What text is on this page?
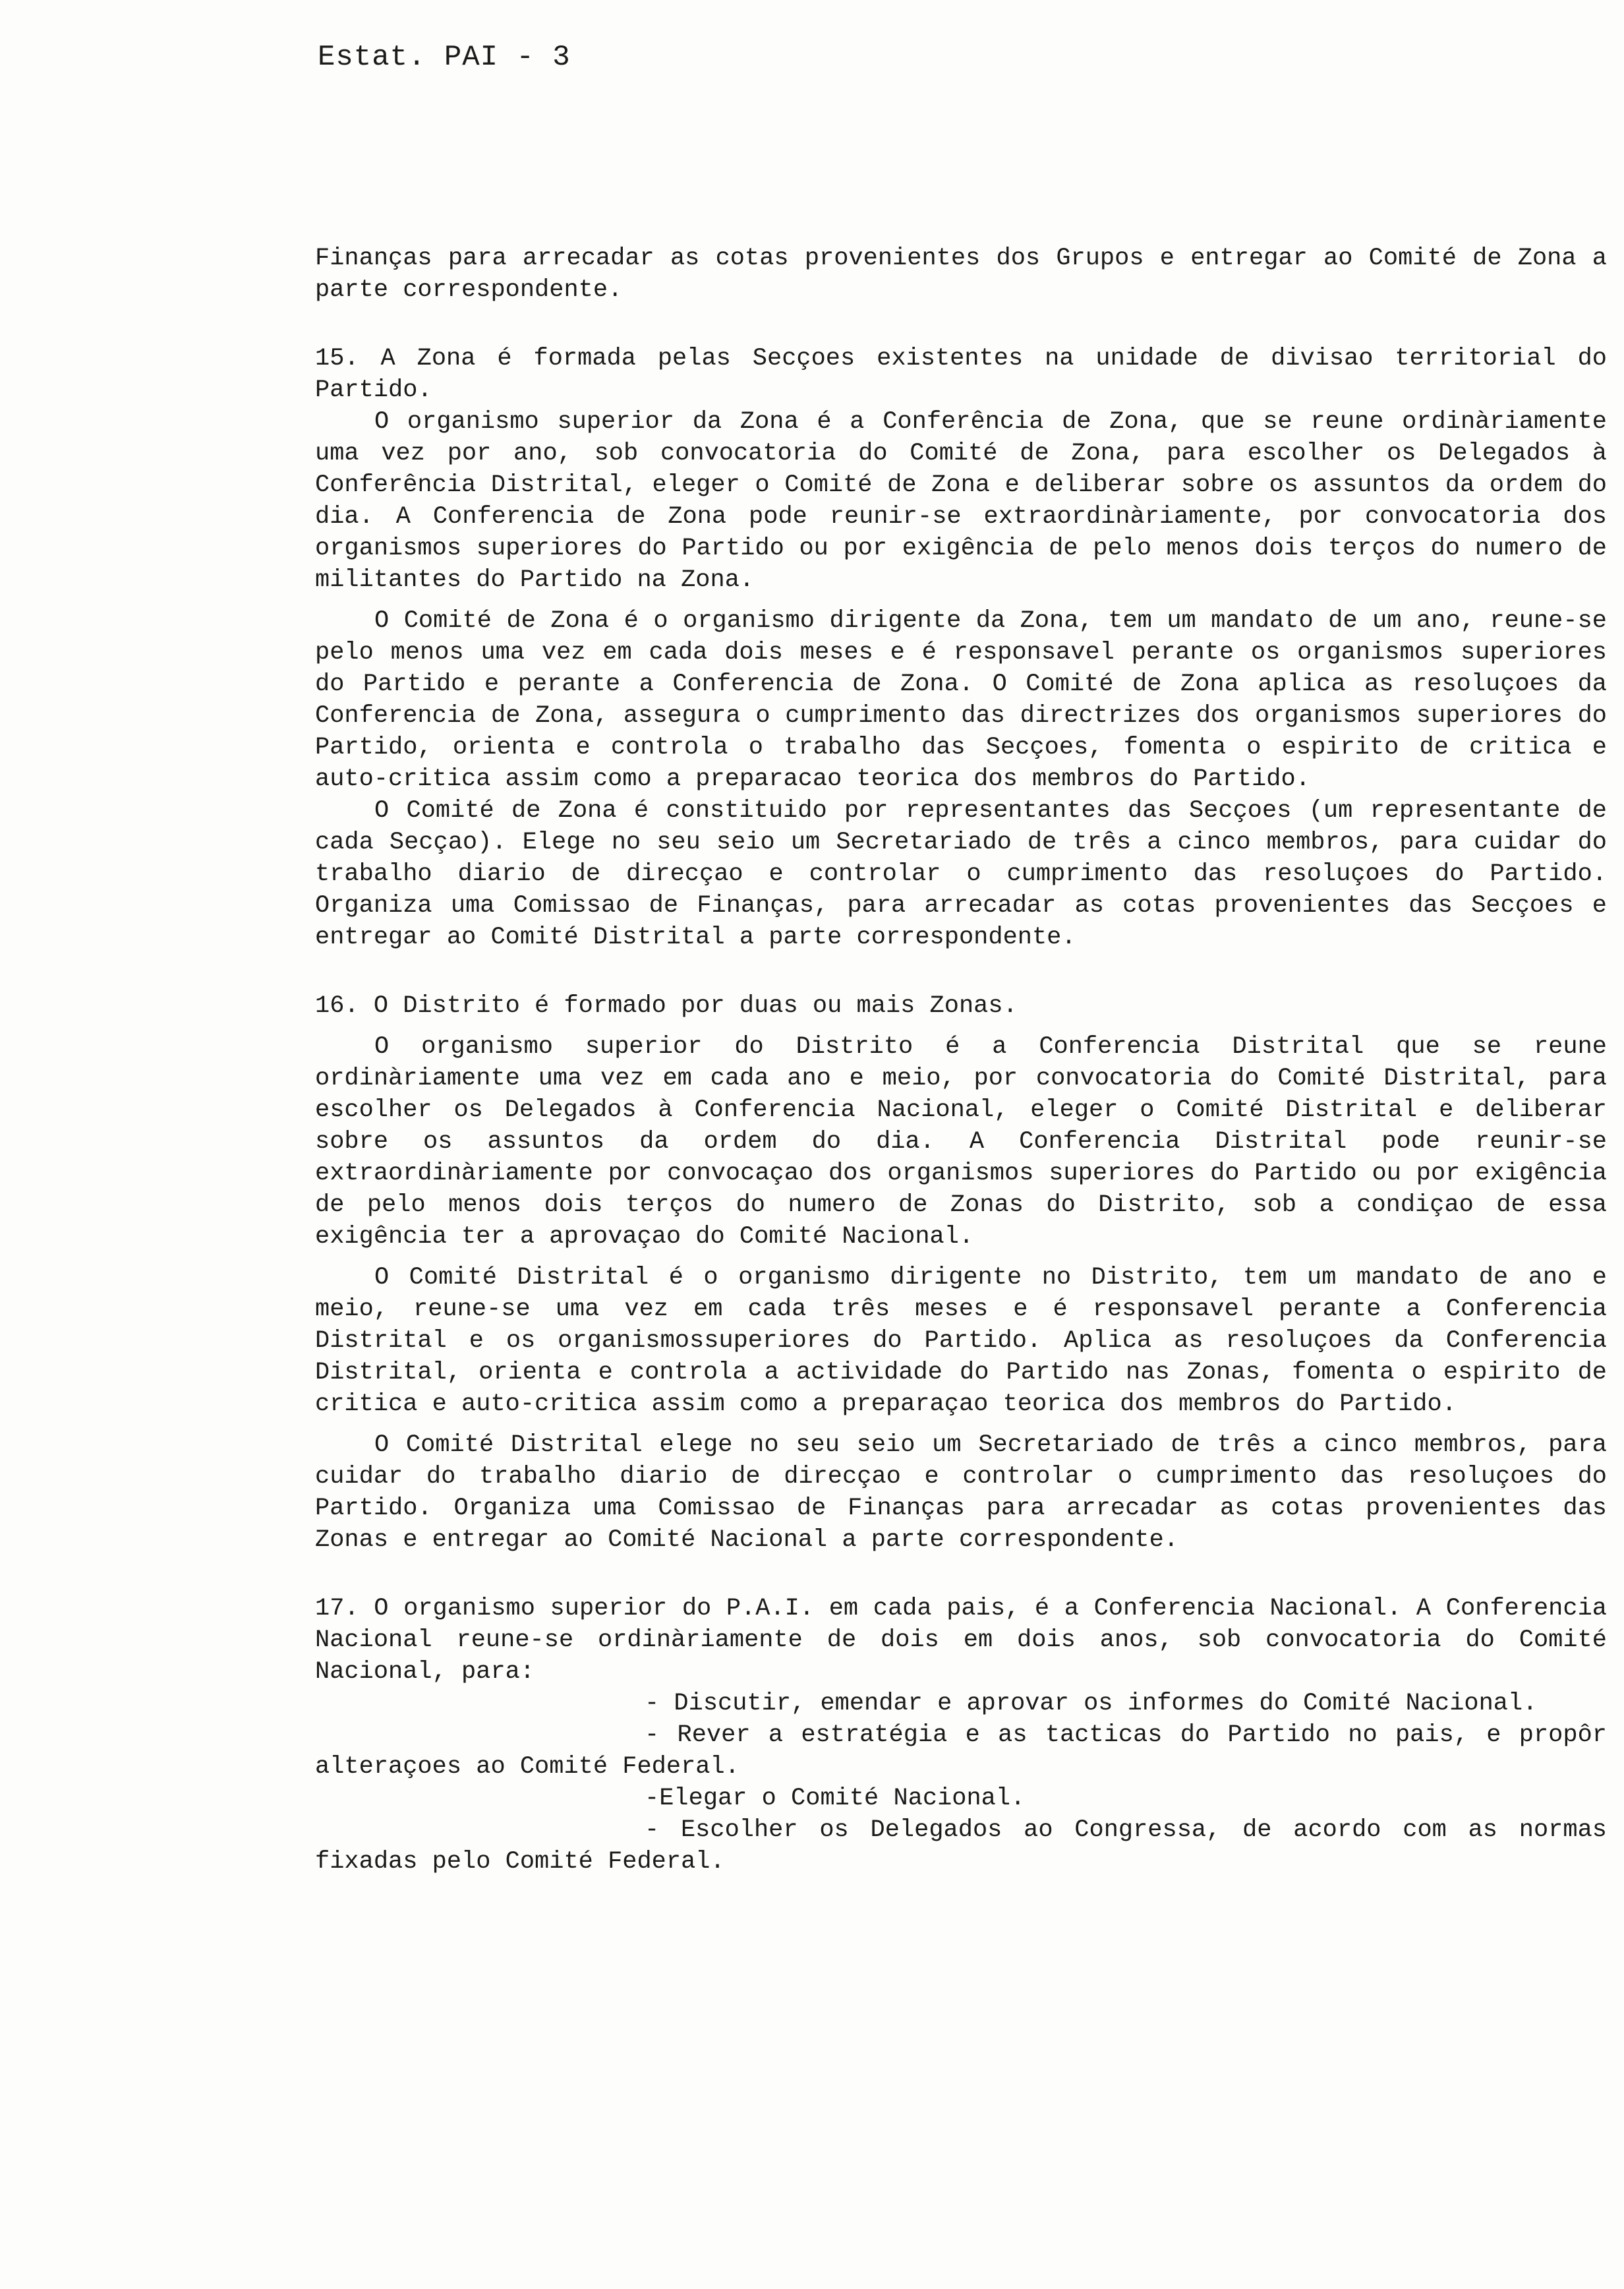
Estat. PAI - 3

Finanças para arrecadar as cotas provenientes dos Grupos e entregar ao Comité de Zona a parte correspondente.

15. A Zona é formada pelas Secçoes existentes na unidade de divisao territorial do Partido.

O organismo superior da Zona é a Conferência de Zona, que se reune ordinàriamente uma vez por ano, sob convocatoria do Comité de Zona, para escolher os Delegados à Conferência Distrital, eleger o Comité de Zona e deliberar sobre os assuntos da ordem do dia. A Conferencia de Zona pode reunir-se extraordinàriamente, por convocatoria dos organismos superiores do Partido ou por exigência de pelo menos dois terços do numero de militantes do Partido na Zona.

O Comité de Zona é o organismo dirigente da Zona, tem um mandato de um ano, reune-se pelo menos uma vez em cada dois meses e é responsavel perante os organismos superiores do Partido e perante a Conferencia de Zona. O Comité de Zona aplica as resoluçoes da Conferencia de Zona, assegura o cumprimento das directrizes dos organismos superiores do Partido, orienta e controla o trabalho das Secçoes, fomenta o espirito de critica e auto-critica assim como a preparacao teorica dos membros do Partido.

O Comité de Zona é constituido por representantes das Secçoes (um representante de cada Secçao). Elege no seu seio um Secretariado de três a cinco membros, para cuidar do trabalho diario de direcçao e controlar o cumprimento das resoluçoes do Partido. Organiza uma Comissao de Finanças, para arrecadar as cotas provenientes das Secçoes e entregar ao Comité Distrital a parte correspondente.

16. O Distrito é formado por duas ou mais Zonas.

O organismo superior do Distrito é a Conferencia Distrital que se reune ordinàriamente uma vez em cada ano e meio, por convocatoria do Comité Distrital, para escolher os Delegados à Conferencia Nacional, eleger o Comité Distrital e deliberar sobre os assuntos da ordem do dia. A Conferencia Distrital pode reunir-se extraordinàriamente por convocaçao dos organismos superiores do Partido ou por exigência de pelo menos dois terços do numero de Zonas do Distrito, sob a condiçao de essa exigência ter a aprovaçao do Comité Nacional.

O Comité Distrital é o organismo dirigente no Distrito, tem um mandato de ano e meio, reune-se uma vez em cada três meses e é responsavel perante a Conferencia Distrital e os organismossuperiores do Partido. Aplica as resoluçoes da Conferencia Distrital, orienta e controla a actividade do Partido nas Zonas, fomenta o espirito de critica e auto-critica assim como a preparaçao teorica dos membros do Partido.

O Comité Distrital elege no seu seio um Secretariado de três a cinco membros, para cuidar do trabalho diario de direcçao e controlar o cumprimento das resoluçoes do Partido. Organiza uma Comissao de Finanças para arrecadar as cotas provenientes das Zonas e entregar ao Comité Nacional a parte correspondente.

17. O organismo superior do P.A.I. em cada pais, é a Conferencia Nacional. A Conferencia Nacional reune-se ordinàriamente de dois em dois anos, sob convocatoria do Comité Nacional, para:

- Discutir, emendar e aprovar os informes do Comité Nacional.
- Rever a estratégia e as tacticas do Partido no pais, e propôr alteraçoes ao Comité Federal.
-Elegar o Comité Nacional.
- Escolher os Delegados ao Congressa, de acordo com as normas fixadas pelo Comité Federal.
